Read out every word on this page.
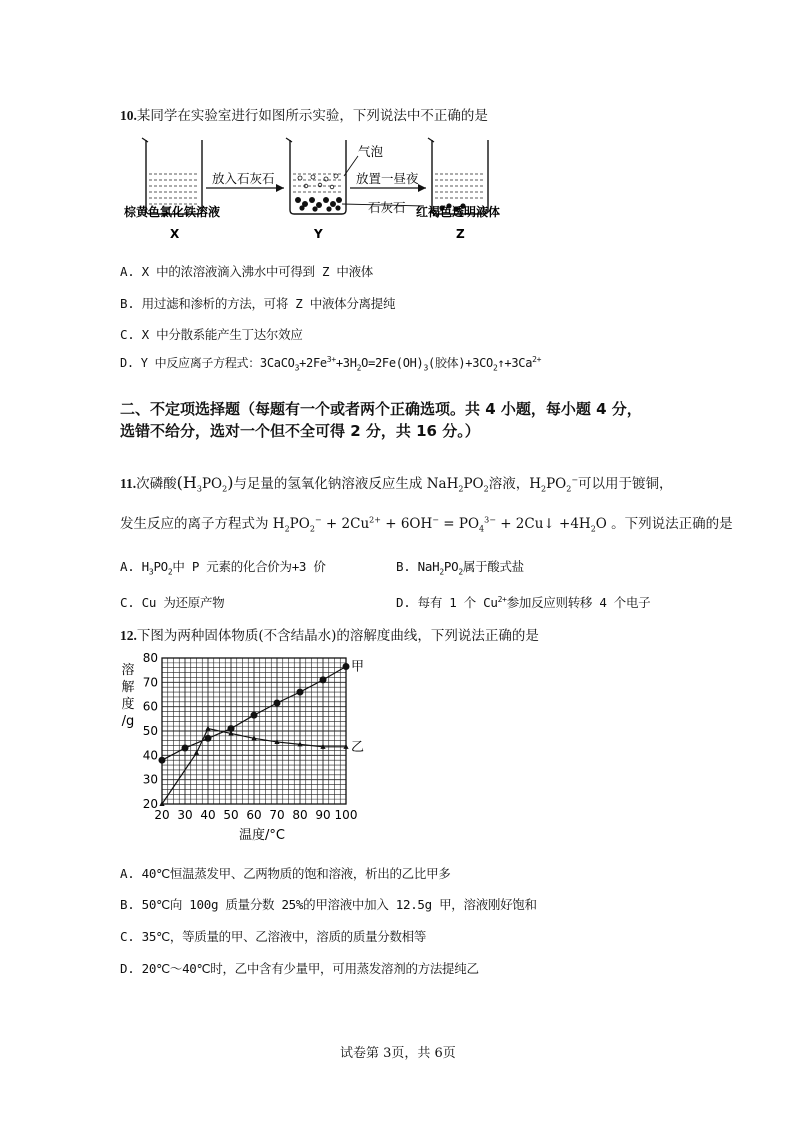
10.某同学在实验室进行如图所示实验，下列说法中不正确的是
放入石灰石
气泡
放置一昼夜
石灰石
棕黄色氯化铁溶液	红褐色透明液体
X	Y	Z
A. X 中的浓溶液滴入沸水中可得到 Z 中液体
B. 用过滤和渗析的方法，可将 Z 中液体分离提纯
C. X 中分散系能产生丁达尔效应
D. Y 中反应离子方程式：$3CaCO_3+2Fe^{3+}+3H_2O=2Fe(OH)_3$(胶体)$+3CO_2↑+3Ca^{2+}$
二、不定项选择题（每题有一个或者两个正确选项。共 4 小题，每小题 4 分，
选错不给分，选对一个但不全可得 2 分，共 16 分。）
11.次磷酸$(H_3PO_2)$与足量的氢氧化钠溶液反应生成 $NaH_2PO_2$溶液，$H_2PO_2^-$可以用于镀铜，
发生反应的离子方程式为 $H_2PO_2^- + 2Cu^{2+} + 6OH^- = PO_4^{3-}$ + 2Cu↓ $+4H_2O$ 。下列说法正确的是
A. $H_3PO_2$中 P 元素的化合价为+3 价	B. $NaH_2PO_2$属于酸式盐
C. Cu 为还原产物	D. 每有 1 个 $Cu^{2+}$参加反应则转移 4 个电子
12.下图为两种固体物质(不含结晶水)的溶解度曲线，下列说法正确的是
20 30 40 50 60 70 80 90 100
20
30
40
50
60
70
80
溶
解
度
/g
温度/°C
甲
乙
A. 40℃恒温蒸发甲、乙两物质的饱和溶液，析出的乙比甲多
B. 50℃向 100g 质量分数 25%的甲溶液中加入 12.5g 甲，溶液刚好饱和
C. 35℃，等质量的甲、乙溶液中，溶质的质量分数相等
D. 20℃～40℃时，乙中含有少量甲，可用蒸发溶剂的方法提纯乙
试卷第 3页，共 6页
